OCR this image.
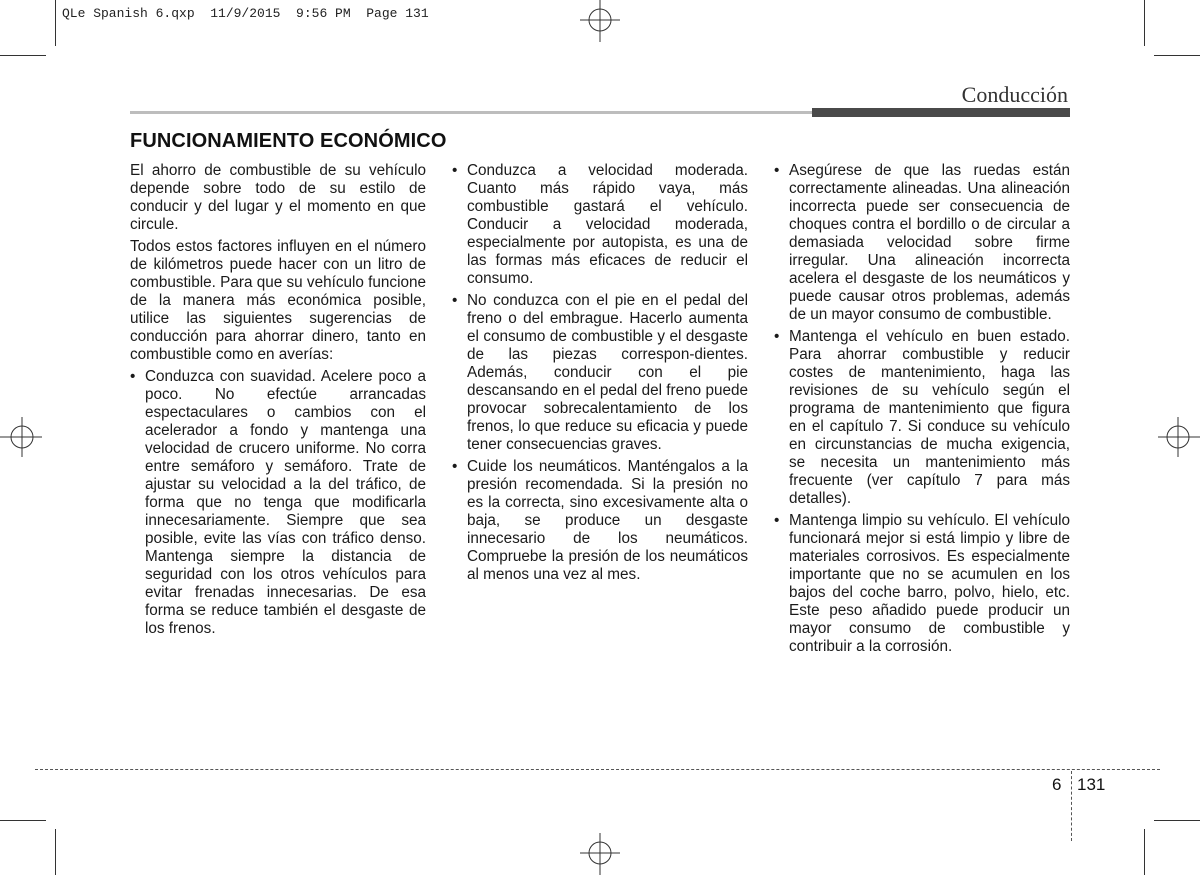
QLe Spanish 6.qxp  11/9/2015  9:56 PM  Page 131
Conducción
FUNCIONAMIENTO ECONÓMICO

El ahorro de combustible de su vehículo depende sobre todo de su estilo de conducir y del lugar y el momento en que circule.

Todos estos factores influyen en el número de kilómetros puede hacer con un litro de combustible. Para que su vehículo funcione de la manera más económica posible, utilice las siguientes sugerencias de conducción para ahorrar dinero, tanto en combustible como en averías:

• Conduzca con suavidad. Acelere poco a poco. No efectúe arrancadas espectaculares o cambios con el acelerador a fondo y mantenga una velocidad de crucero uniforme. No corra entre semáforo y semáforo. Trate de ajustar su velocidad a la del tráfico, de forma que no tenga que modificarla innecesariamente. Siempre que sea posible, evite las vías con tráfico denso. Mantenga siempre la distancia de seguridad con los otros vehículos para evitar frenadas innecesarias. De esa forma se reduce también el desgaste de los frenos.
• Conduzca a velocidad moderada. Cuanto más rápido vaya, más combustible gastará el vehículo. Conducir a velocidad moderada, especialmente por autopista, es una de las formas más eficaces de reducir el consumo.
• No conduzca con el pie en el pedal del freno o del embrague. Hacerlo aumenta el consumo de combustible y el desgaste de las piezas correspon-dientes. Además, conducir con el pie descansando en el pedal del freno puede provocar sobrecalentamiento de los frenos, lo que reduce su eficacia y puede tener consecuencias graves.
• Cuide los neumáticos. Manténgalos a la presión recomendada. Si la presión no es la correcta, sino excesivamente alta o baja, se produce un desgaste innecesario de los neumáticos. Compruebe la presión de los neumáticos al menos una vez al mes.
• Asegúrese de que las ruedas están correctamente alineadas. Una alineación incorrecta puede ser consecuencia de choques contra el bordillo o de circular a demasiada velocidad sobre firme irregular. Una alineación incorrecta acelera el desgaste de los neumáticos y puede causar otros problemas, además de un mayor consumo de combustible.
• Mantenga el vehículo en buen estado. Para ahorrar combustible y reducir costes de mantenimiento, haga las revisiones de su vehículo según el programa de mantenimiento que figura en el capítulo 7. Si conduce su vehículo en circunstancias de mucha exigencia, se necesita un mantenimiento más frecuente (ver capítulo 7 para más detalles).
• Mantenga limpio su vehículo. El vehículo funcionará mejor si está limpio y libre de materiales corrosivos. Es especialmente importante que no se acumulen en los bajos del coche barro, polvo, hielo, etc. Este peso añadido puede producir un mayor consumo de combustible y contribuir a la corrosión.
6 131
